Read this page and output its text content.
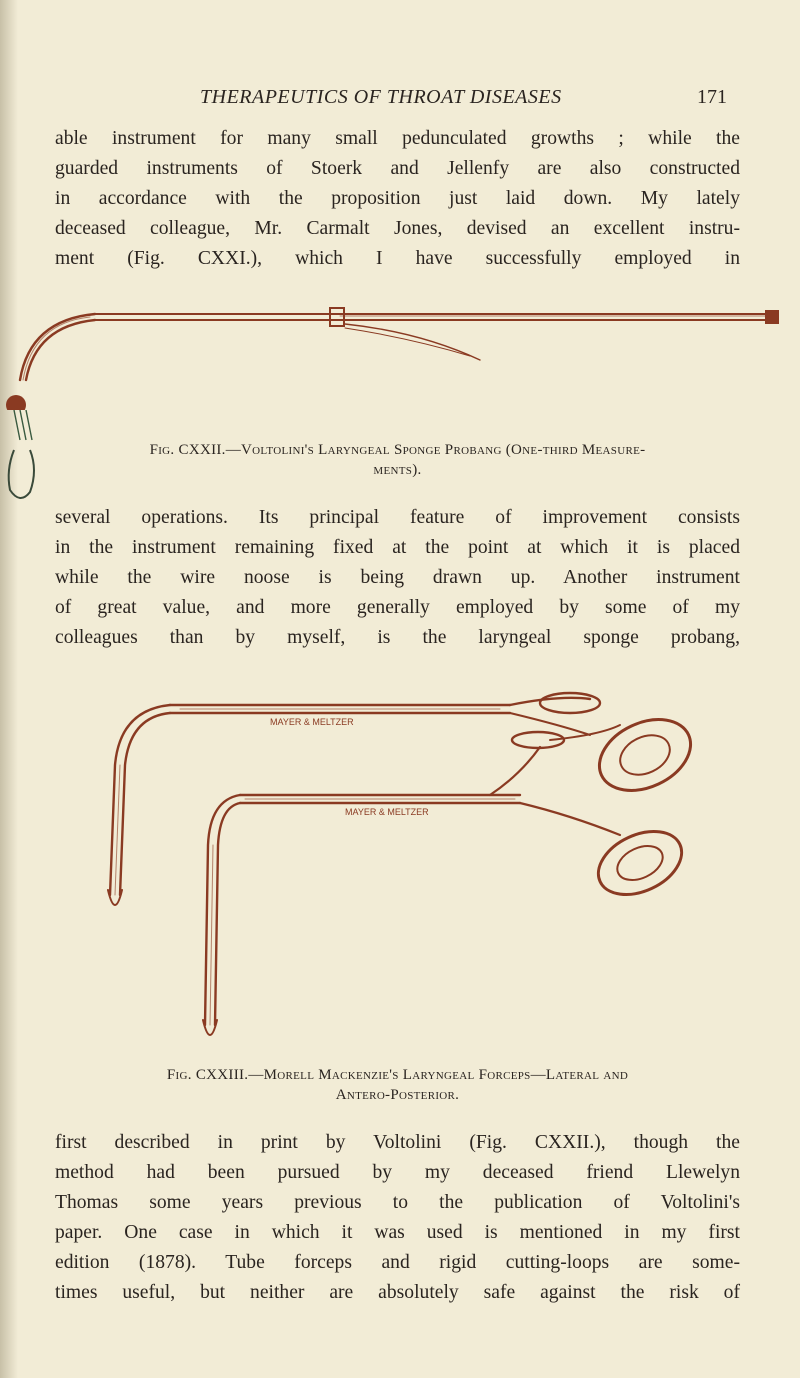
THERAPEUTICS OF THROAT DISEASES	171
able instrument for many small pedunculated growths ; while the
guarded instruments of Stoerk and Jellenfy are also constructed
in accordance with the proposition just laid down. My lately
deceased colleague, Mr. Carmalt Jones, devised an excellent instru-
ment (Fig. CXXI.), which I have successfully employed in
Fig. CXXII.—Voltolini's Laryngeal Sponge Probang (One-third Measure-
ments).
several operations. Its principal feature of improvement consists
in the instrument remaining fixed at the point at which it is placed
while the wire noose is being drawn up. Another instrument
of great value, and more generally employed by some of my
colleagues than by myself, is the laryngeal sponge probang,
MAYER & MELTZER
MAYER & MELTZER
Fig. CXXIII.—Morell Mackenzie's Laryngeal Forceps—Lateral and
Antero-Posterior.
first described in print by Voltolini (Fig. CXXII.), though the
method had been pursued by my deceased friend Llewelyn
Thomas some years previous to the publication of Voltolini's
paper. One case in which it was used is mentioned in my first
edition (1878). Tube forceps and rigid cutting-loops are some-
times useful, but neither are absolutely safe against the risk of
